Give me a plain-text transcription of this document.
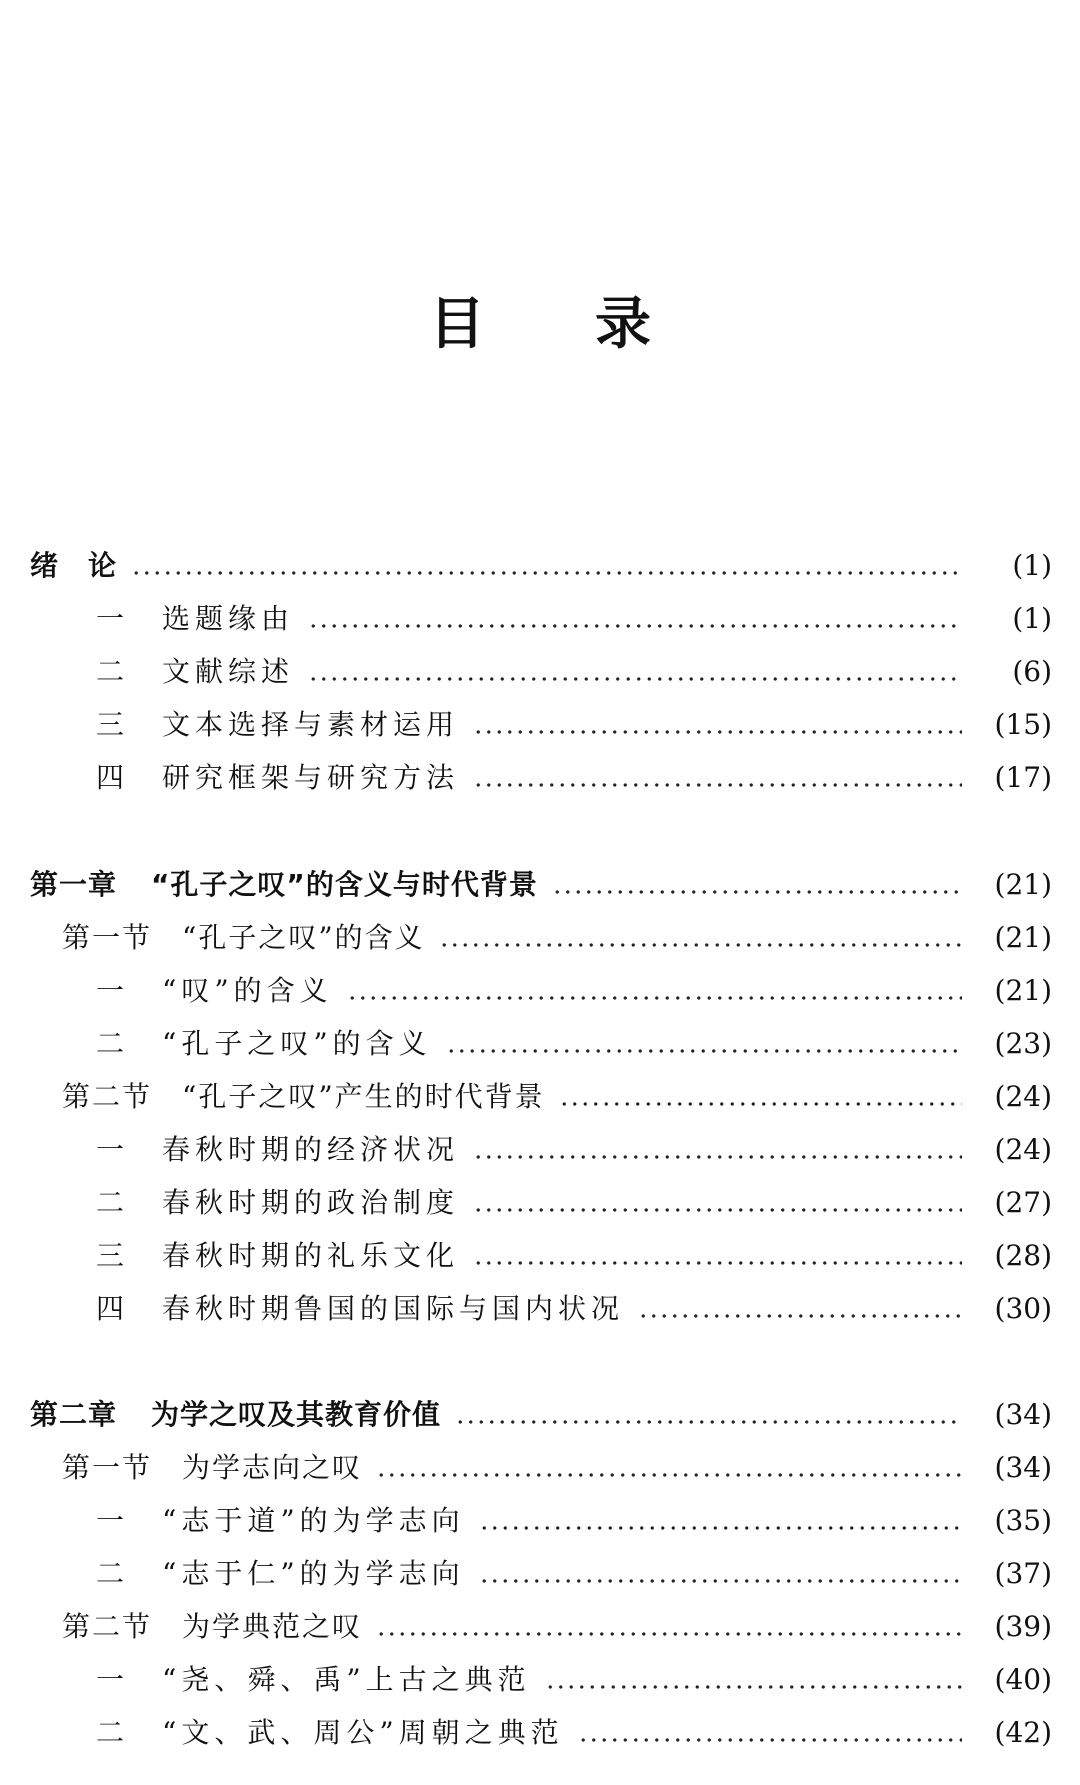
目 录
绪　论	(1)
一 选题缘由	(1)
二 文献综述	(6)
三 文本选择与素材运用	(15)
四 研究框架与研究方法	(17)
第一章 “孔子之叹”的含义与时代背景	(21)
第一节 “孔子之叹”的含义	(21)
一 “叹”的含义	(21)
二 “孔子之叹”的含义	(23)
第二节 “孔子之叹”产生的时代背景	(24)
一 春秋时期的经济状况	(24)
二 春秋时期的政治制度	(27)
三 春秋时期的礼乐文化	(28)
四 春秋时期鲁国的国际与国内状况	(30)
第二章 为学之叹及其教育价值	(34)
第一节 为学志向之叹	(34)
一 “志于道”的为学志向	(35)
二 “志于仁”的为学志向	(37)
第二节 为学典范之叹	(39)
一 “尧、舜、禹”上古之典范	(40)
二 “文、武、周公”周朝之典范	(42)
